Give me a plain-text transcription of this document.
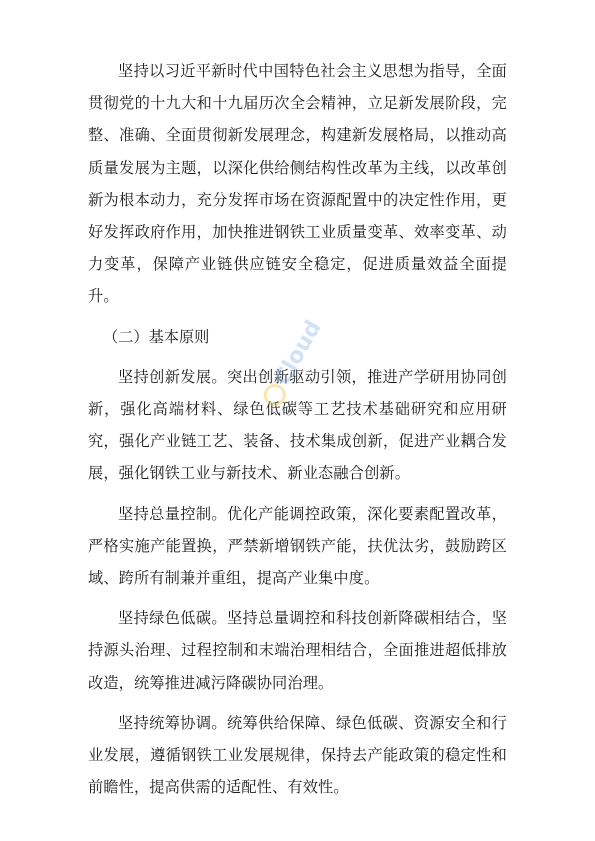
坚持以习近平新时代中国特色社会主义思想为指导，全面贯彻党的十九大和十九届历次全会精神，立足新发展阶段，完整、准确、全面贯彻新发展理念，构建新发展格局，以推动高质量发展为主题，以深化供给侧结构性改革为主线，以改革创新为根本动力，充分发挥市场在资源配置中的决定性作用，更好发挥政府作用，加快推进钢铁工业质量变革、效率变革、动力变革，保障产业链供应链安全稳定，促进质量效益全面提升。

（二）基本原则

坚持创新发展。突出创新驱动引领，推进产学研用协同创新，强化高端材料、绿色低碳等工艺技术基础研究和应用研究，强化产业链工艺、装备、技术集成创新，促进产业耦合发展，强化钢铁工业与新技术、新业态融合创新。

坚持总量控制。优化产能调控政策，深化要素配置改革，严格实施产能置换，严禁新增钢铁产能，扶优汰劣，鼓励跨区域、跨所有制兼并重组，提高产业集中度。

坚持绿色低碳。坚持总量调控和科技创新降碳相结合，坚持源头治理、过程控制和末端治理相结合，全面推进超低排放改造，统筹推进减污降碳协同治理。

坚持统筹协调。统筹供给保障、绿色低碳、资源安全和行业发展，遵循钢铁工业发展规律，保持去产能政策的稳定性和前瞻性，提高供需的适配性、有效性。

Cloud
